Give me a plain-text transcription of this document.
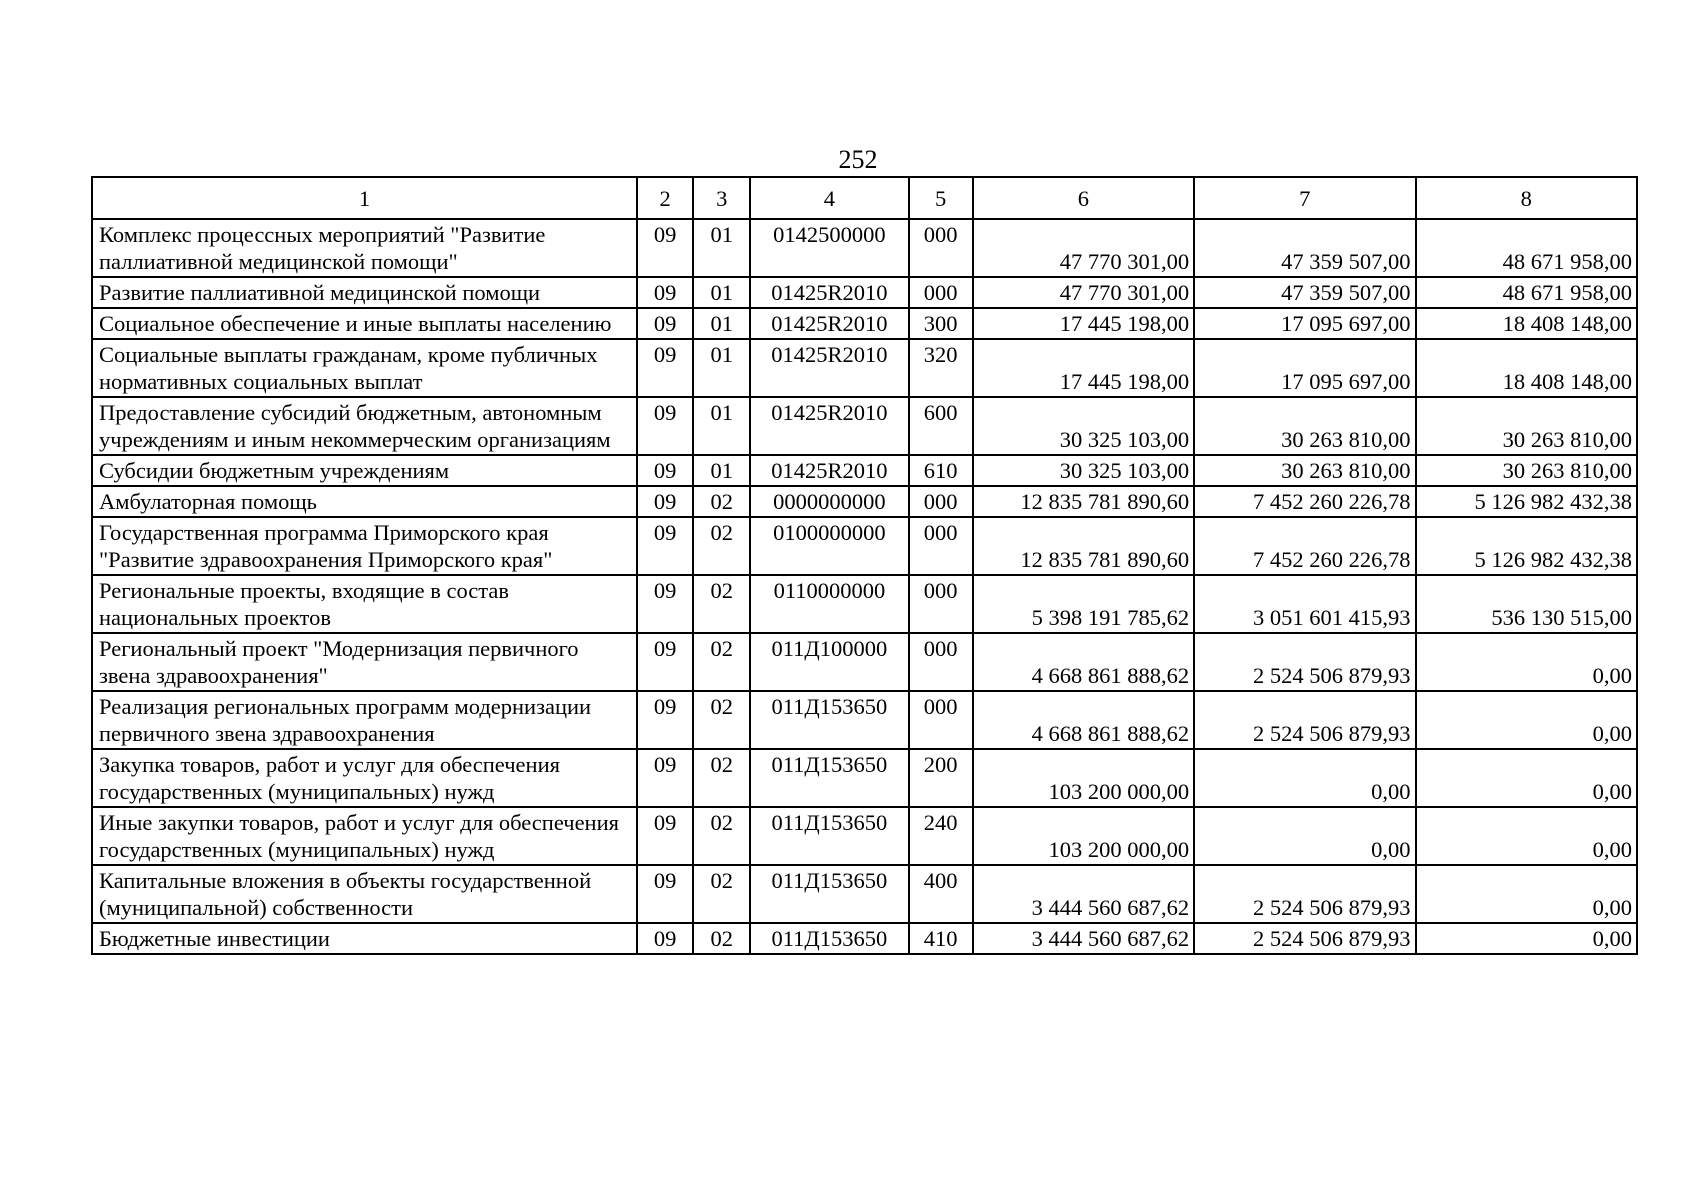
252
1	2	3	4	5	6	7	8
Комплекс процессных мероприятий "Развитие паллиативной медицинской помощи"	09	01	0142500000	000	47 770 301,00	47 359 507,00	48 671 958,00
Развитие паллиативной медицинской помощи	09	01	01425R2010	000	47 770 301,00	47 359 507,00	48 671 958,00
Социальное обеспечение и иные выплаты населению	09	01	01425R2010	300	17 445 198,00	17 095 697,00	18 408 148,00
Социальные выплаты гражданам, кроме публичных нормативных социальных выплат	09	01	01425R2010	320	17 445 198,00	17 095 697,00	18 408 148,00
Предоставление субсидий бюджетным, автономным учреждениям и иным некоммерческим организациям	09	01	01425R2010	600	30 325 103,00	30 263 810,00	30 263 810,00
Субсидии бюджетным учреждениям	09	01	01425R2010	610	30 325 103,00	30 263 810,00	30 263 810,00
Амбулаторная помощь	09	02	0000000000	000	12 835 781 890,60	7 452 260 226,78	5 126 982 432,38
Государственная программа Приморского края "Развитие здравоохранения Приморского края"	09	02	0100000000	000	12 835 781 890,60	7 452 260 226,78	5 126 982 432,38
Региональные проекты, входящие в состав национальных проектов	09	02	0110000000	000	5 398 191 785,62	3 051 601 415,93	536 130 515,00
Региональный проект "Модернизация первичного звена здравоохранения"	09	02	011Д100000	000	4 668 861 888,62	2 524 506 879,93	0,00
Реализация региональных программ модернизации первичного звена здравоохранения	09	02	011Д153650	000	4 668 861 888,62	2 524 506 879,93	0,00
Закупка товаров, работ и услуг для обеспечения государственных (муниципальных) нужд	09	02	011Д153650	200	103 200 000,00	0,00	0,00
Иные закупки товаров, работ и услуг для обеспечения государственных (муниципальных) нужд	09	02	011Д153650	240	103 200 000,00	0,00	0,00
Капитальные вложения в объекты государственной (муниципальной) собственности	09	02	011Д153650	400	3 444 560 687,62	2 524 506 879,93	0,00
Бюджетные инвестиции	09	02	011Д153650	410	3 444 560 687,62	2 524 506 879,93	0,00
